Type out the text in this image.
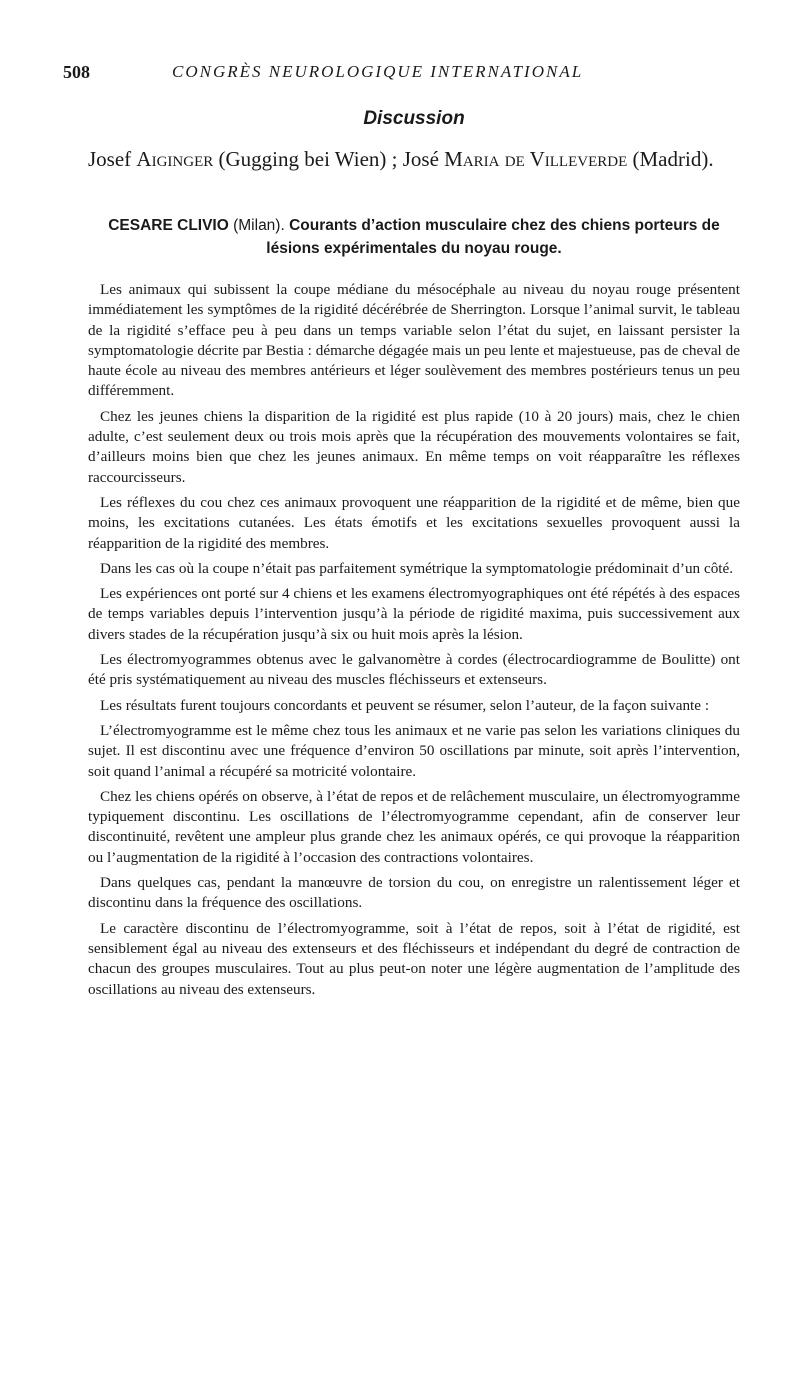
508	CONGRÈS NEUROLOGIQUE INTERNATIONAL
Discussion
Josef Aiginger (Gugging bei Wien) ; José Maria de Villeverde (Madrid).
CESARE CLIVIO (Milan). Courants d’action musculaire chez des chiens porteurs de lésions expérimentales du noyau rouge.

Les animaux qui subissent la coupe médiane du mésocéphale au niveau du noyau rouge présentent immédiatement les symptômes de la rigidité décérébrée de Sherrington. Lorsque l’animal survit, le tableau de la rigidité s’efface peu à peu dans un temps variable selon l’état du sujet, en laissant persister la symptomatologie décrite par Bestia : démarche dégagée mais un peu lente et majestueuse, pas de cheval de haute école au niveau des membres antérieurs et léger soulèvement des membres postérieurs tenus un peu différemment.

Chez les jeunes chiens la disparition de la rigidité est plus rapide (10 à 20 jours) mais, chez le chien adulte, c’est seulement deux ou trois mois après que la récupération des mouvements volontaires se fait, d’ailleurs moins bien que chez les jeunes animaux. En même temps on voit réapparaître les réflexes raccourcisseurs.

Les réflexes du cou chez ces animaux provoquent une réapparition de la rigidité et de même, bien que moins, les excitations cutanées. Les états émotifs et les excitations sexuelles provoquent aussi la réapparition de la rigidité des membres.

Dans les cas où la coupe n’était pas parfaitement symétrique la symptomatologie prédominait d’un côté.

Les expériences ont porté sur 4 chiens et les examens électromyographiques ont été répétés à des espaces de temps variables depuis l’intervention jusqu’à la période de rigidité maxima, puis successivement aux divers stades de la récupération jusqu’à six ou huit mois après la lésion.

Les électromyogrammes obtenus avec le galvanomètre à cordes (électrocardiogramme de Boulitte) ont été pris systématiquement au niveau des muscles fléchisseurs et extenseurs.

Les résultats furent toujours concordants et peuvent se résumer, selon l’auteur, de la façon suivante :

L’électromyogramme est le même chez tous les animaux et ne varie pas selon les variations cliniques du sujet. Il est discontinu avec une fréquence d’environ 50 oscillations par minute, soit après l’intervention, soit quand l’animal a récupéré sa motricité volontaire.

Chez les chiens opérés on observe, à l’état de repos et de relâchement musculaire, un électromyogramme typiquement discontinu. Les oscillations de l’électromyogramme cependant, afin de conserver leur discontinuité, revêtent une ampleur plus grande chez les animaux opérés, ce qui provoque la réapparition ou l’augmentation de la rigidité à l’occasion des contractions volontaires.

Dans quelques cas, pendant la manœuvre de torsion du cou, on enregistre un ralentissement léger et discontinu dans la fréquence des oscillations.

Le caractère discontinu de l’électromyogramme, soit à l’état de repos, soit à l’état de rigidité, est sensiblement égal au niveau des extenseurs et des fléchisseurs et indépendant du degré de contraction de chacun des groupes musculaires. Tout au plus peut-on noter une légère augmentation de l’amplitude des oscillations au niveau des extenseurs.
